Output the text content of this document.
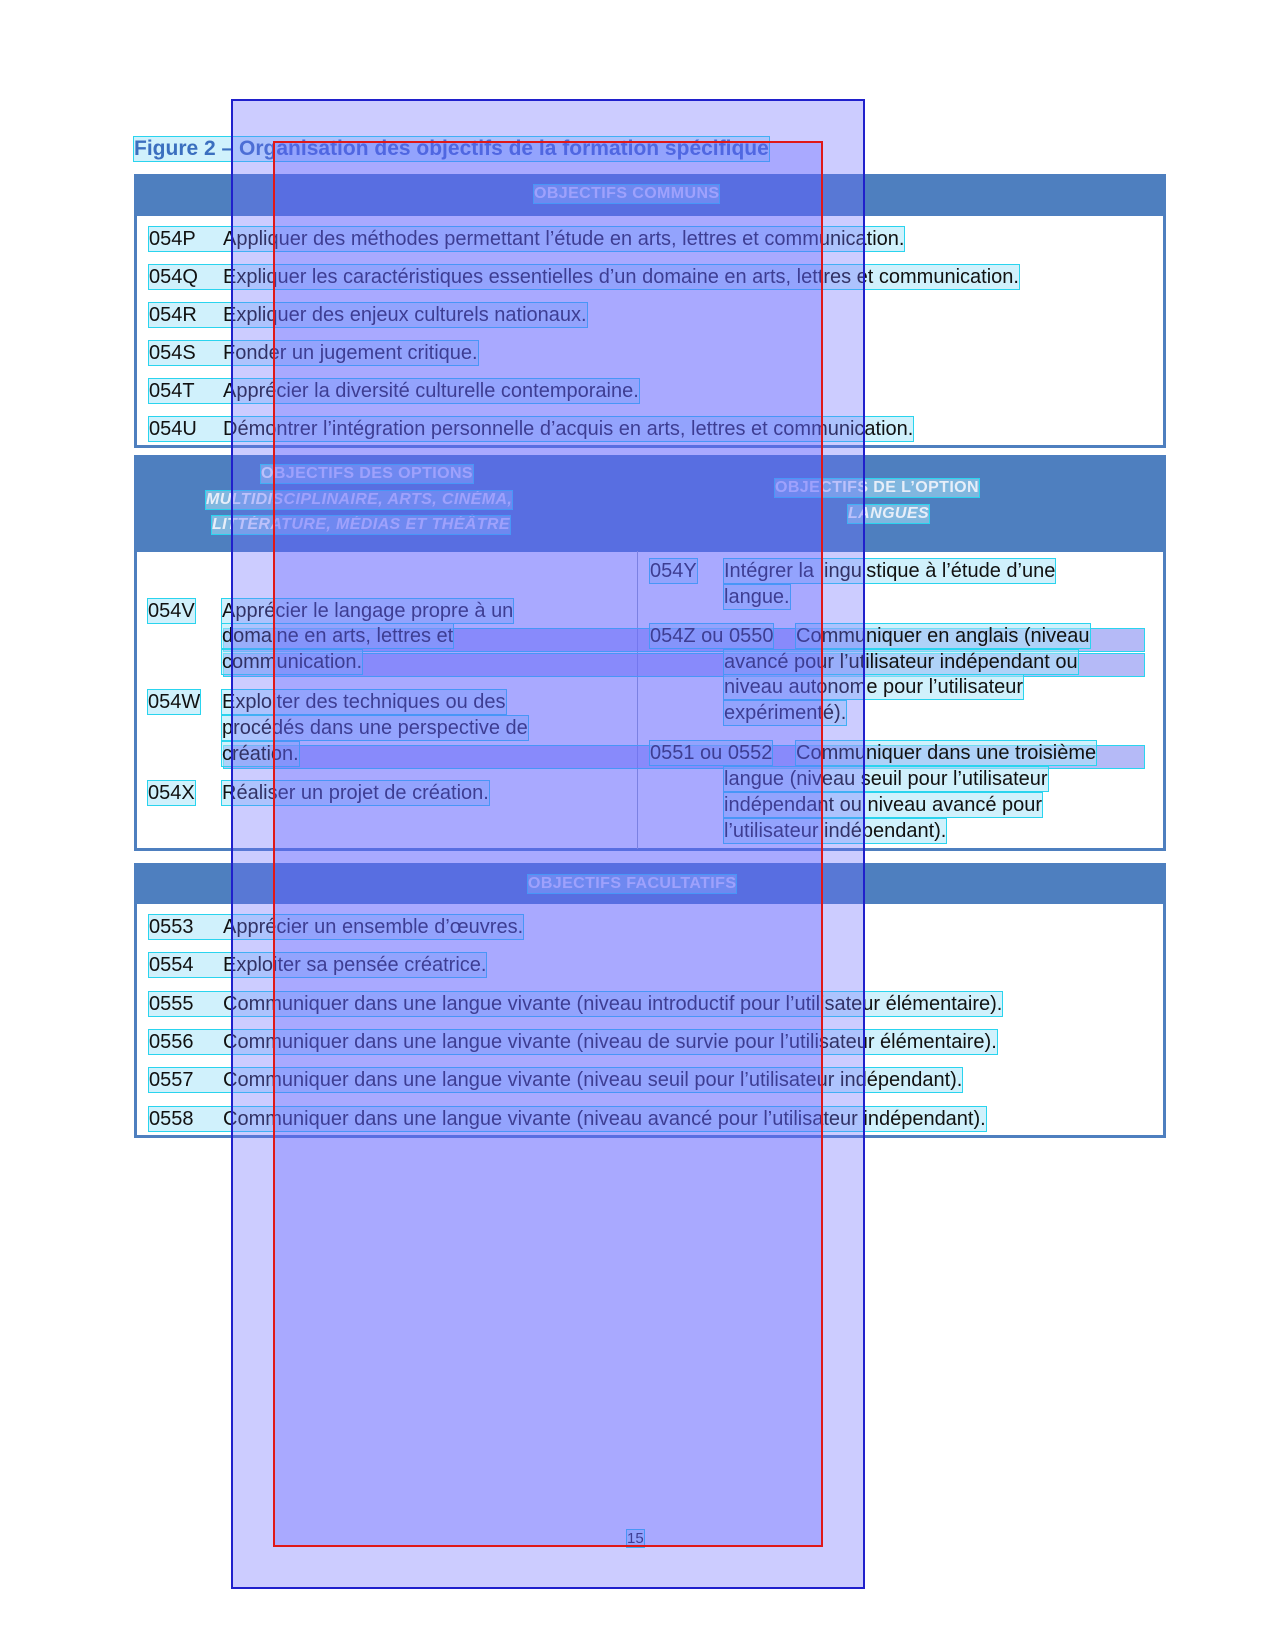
Figure 2 – Organisation des objectifs de la formation spécifique
OBJECTIFS COMMUNS
054P Appliquer des méthodes permettant l’étude en arts, lettres et communication.
054Q Expliquer les caractéristiques essentielles d’un domaine en arts, lettres et communication.
054R Expliquer des enjeux culturels nationaux.
054S Fonder un jugement critique.
054T Apprécier la diversité culturelle contemporaine.
054U Démontrer l’intégration personnelle d’acquis en arts, lettres et communication.
OBJECTIFS DES OPTIONS
MULTIDISCIPLINAIRE, ARTS, CINÉMA,
LITTÉRATURE, MÉDIAS ET THÉÂTRE
OBJECTIFS DE L’OPTION
LANGUES
054V Apprécier le langage propre à un
domaine en arts, lettres et
communication.
054W Exploiter des techniques ou des
procédés dans une perspective de
création.
054X Réaliser un projet de création.
054Y Intégrer la linguistique à l’étude d’une
langue.
054Z ou 0550 Communiquer en anglais (niveau
avancé pour l’utilisateur indépendant ou
niveau autonome pour l’utilisateur
expérimenté).
0551 ou 0552 Communiquer dans une troisième
langue (niveau seuil pour l’utilisateur
indépendant ou niveau avancé pour
l’utilisateur indépendant).
OBJECTIFS FACULTATIFS
0553 Apprécier un ensemble d’œuvres.
0554 Exploiter sa pensée créatrice.
0555 Communiquer dans une langue vivante (niveau introductif pour l’utilisateur élémentaire).
0556 Communiquer dans une langue vivante (niveau de survie pour l’utilisateur élémentaire).
0557 Communiquer dans une langue vivante (niveau seuil pour l’utilisateur indépendant).
0558 Communiquer dans une langue vivante (niveau avancé pour l’utilisateur indépendant).
15
